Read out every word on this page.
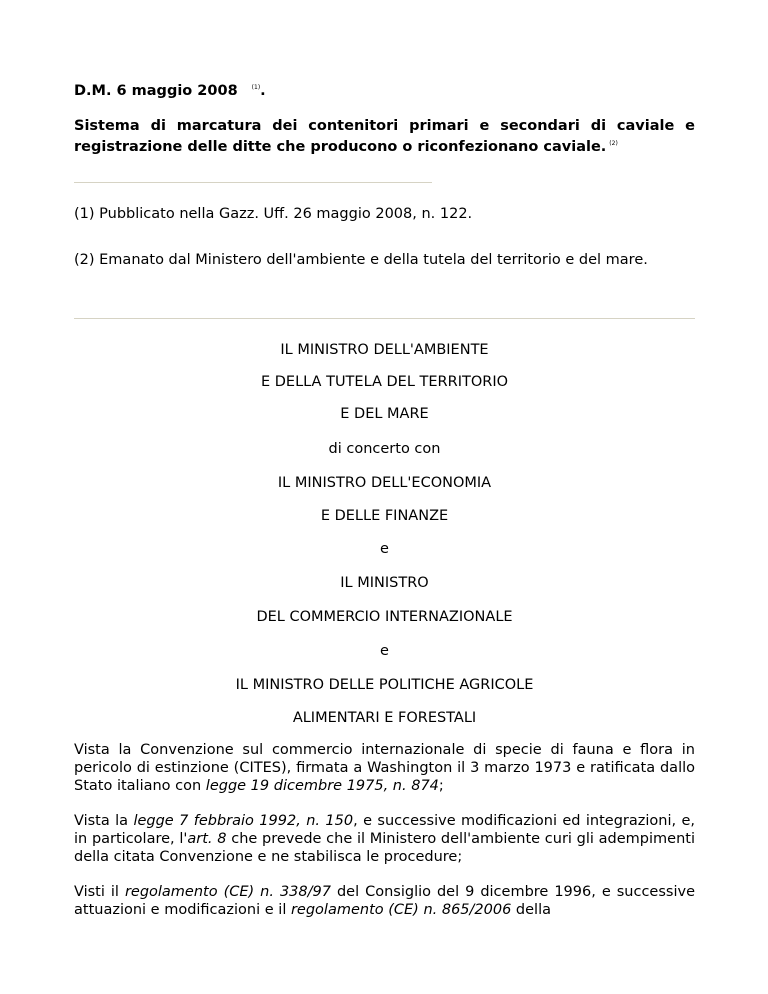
D.M. 6 maggio 2008 $^{(1)}$.
Sistema di marcatura dei contenitori primari e secondari di caviale e registrazione delle ditte che producono o riconfezionano caviale. $^{(2)}$
(1) Pubblicato nella Gazz. Uff. 26 maggio 2008, n. 122.
(2) Emanato dal Ministero dell'ambiente e della tutela del territorio e del mare.
IL MINISTRO DELL'AMBIENTE
E DELLA TUTELA DEL TERRITORIO
E DEL MARE
di concerto con
IL MINISTRO DELL'ECONOMIA
E DELLE FINANZE
e
IL MINISTRO
DEL COMMERCIO INTERNAZIONALE
e
IL MINISTRO DELLE POLITICHE AGRICOLE
ALIMENTARI E FORESTALI
Vista la Convenzione sul commercio internazionale di specie di fauna e flora in pericolo di estinzione (CITES), firmata a Washington il 3 marzo 1973 e ratificata dallo Stato italiano con legge 19 dicembre 1975, n. 874;
Vista la legge 7 febbraio 1992, n. 150, e successive modificazioni ed integrazioni, e, in particolare, l'art. 8 che prevede che il Ministero dell'ambiente curi gli adempimenti della citata Convenzione e ne stabilisca le procedure;
Visti il regolamento (CE) n. 338/97 del Consiglio del 9 dicembre 1996, e successive attuazioni e modificazioni e il regolamento (CE) n. 865/2006 della
